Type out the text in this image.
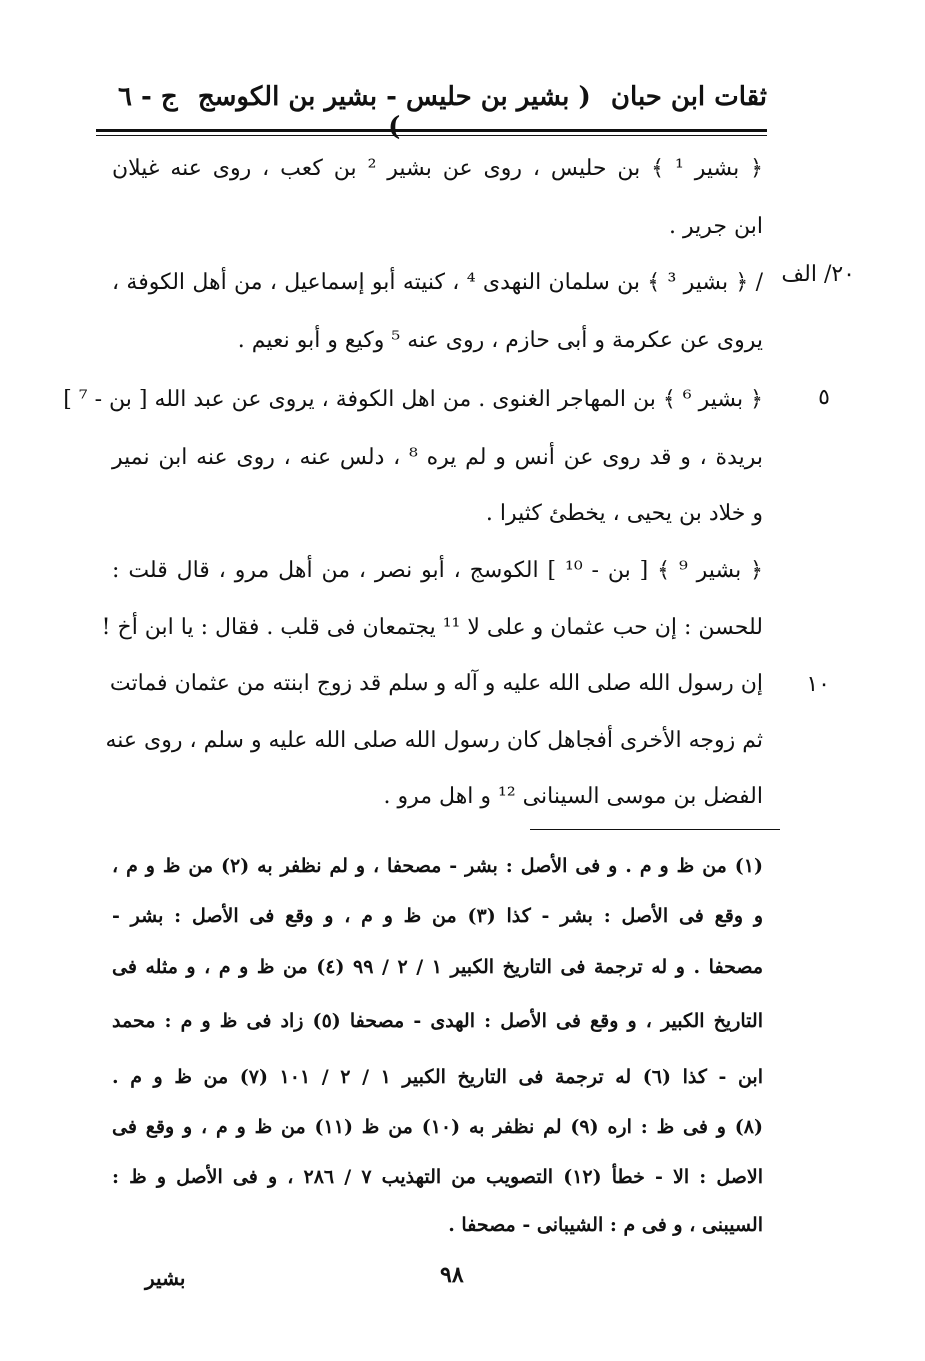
ثقات ابن حبان
( بشير بن حليس - بشير بن الكوسج )
ج - ٦
٢٠/ الف
٥
١٠
﴿ بشير ¹ ﴾ بن حليس ، روى عن بشير ² بن كعب ، روى عنه غيلان
ابن جرير .
/ ﴿ بشير ³ ﴾ بن سلمان النهدى ⁴ ، كنيته أبو إسماعيل ، من أهل الكوفة ،
يروى عن عكرمة و أبى حازم ، روى عنه ⁵ وكيع و أبو نعيم .
﴿ بشير ⁶ ﴾ بن المهاجر الغنوى . من اهل الكوفة ، يروى عن عبد الله [ بن - ⁷ ]
بريدة ، و قد روى عن أنس و لم يره ⁸ ، دلس عنه ، روى عنه ابن نمير
و خلاد بن يحيى ، يخطئ كثيرا .
﴿ بشير ⁹ ﴾ [ بن - ¹⁰ ] الكوسج ، أبو نصر ، من أهل مرو ، قال قلت :
للحسن : إن حب عثمان و على لا ¹¹ يجتمعان فى قلب . فقال : يا ابن أخ !
إن رسول الله صلى الله عليه و آله و سلم قد زوج ابنته من عثمان فماتت
ثم زوجه الأخرى أفجاهل كان رسول الله صلى الله عليه و سلم ، روى عنه
الفضل بن موسى السينانى ¹² و اهل مرو .
(١) من ظ و م . و فى الأصل : بشر - مصحفا ، و لم نظفر به (٢) من ظ و م ،
و وقع فى الأصل : بشر - كذا (٣) من ظ و م ، و وقع فى الأصل : بشر -
مصحفا . و له ترجمة فى التاريخ الكبير ١ / ٢ / ٩٩ (٤) من ظ و م ، و مثله فى
التاريخ الكبير ، و وقع فى الأصل : الهدى - مصحفا (٥) زاد فى ظ و م : محمد
ابن - كذا (٦) له ترجمة فى التاريخ الكبير ١ / ٢ / ١٠١ (٧) من ظ و م .
(٨) و فى ظ : اره (٩) لم نظفر به (١٠) من ظ (١١) من ظ و م ، و وقع فى
الاصل : الا - خطأ (١٢) التصويب من التهذيب ٧ / ٢٨٦ ، و فى الأصل و ظ :
السيبنى ، و فى م : الشيبانى - مصحفا .
٩٨
بشير
